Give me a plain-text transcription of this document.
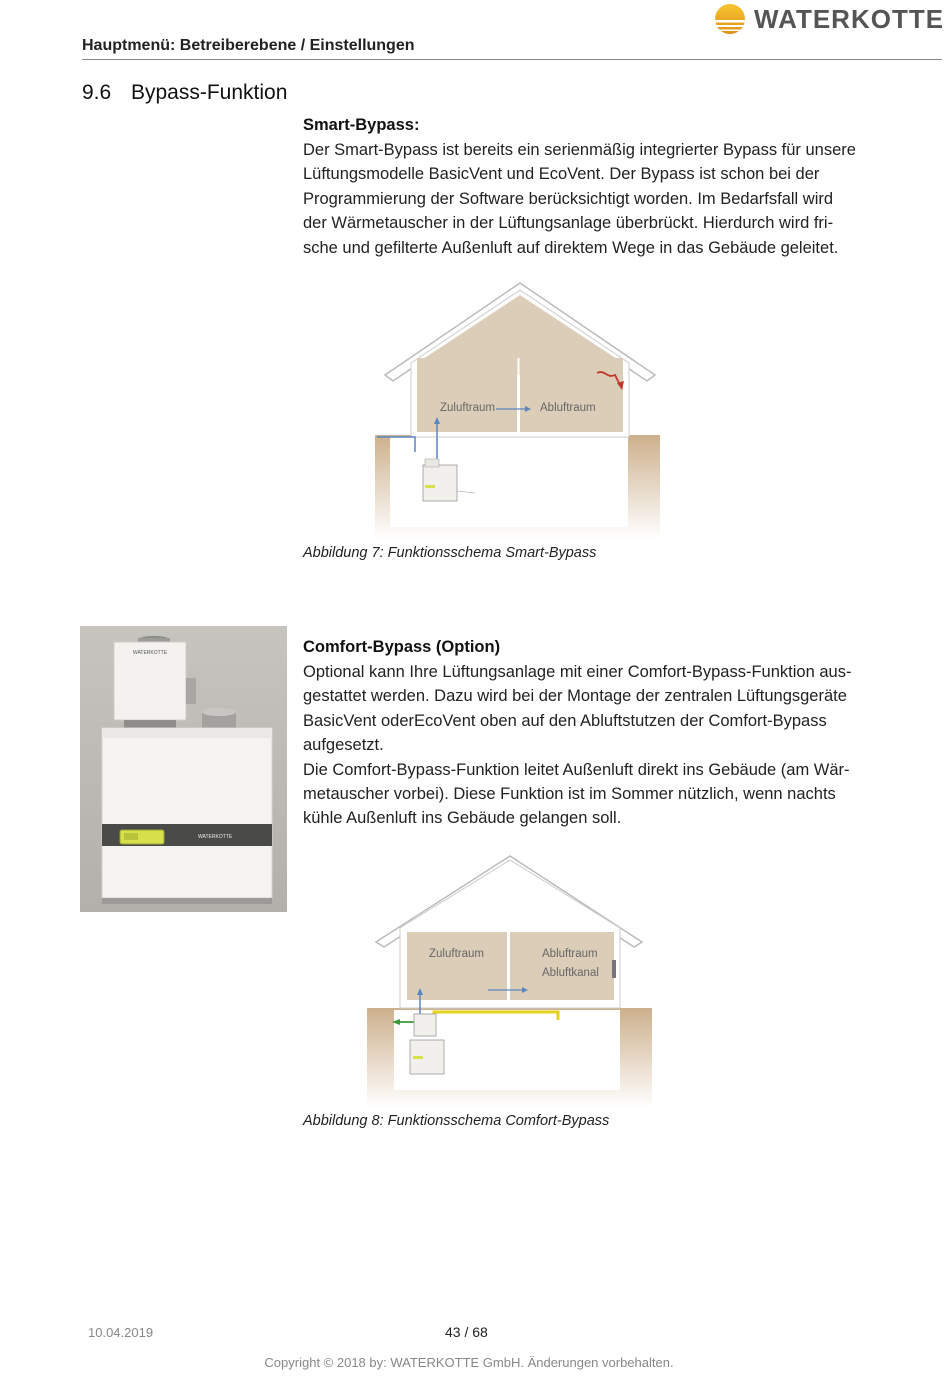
WATERKOTTE
Hauptmenü: Betreiberebene / Einstellungen
9.6 Bypass-Funktion
Smart-Bypass:

Der Smart-Bypass ist bereits ein serienmäßig integrierter Bypass für unsere

Lüftungsmodelle BasicVent und EcoVent. Der Bypass ist schon bei der

Programmierung der Software berücksichtigt worden. Im Bedarfsfall wird

der Wärmetauscher in der Lüftungsanlage überbrückt. Hierdurch wird fri-

sche und gefilterte Außenluft auf direktem Wege in das Gebäude geleitet.

Zuluftraum	Abluftraum
Abbildung 7: Funktionsschema Smart-Bypass
WATERKOTTE
WATERKOTTE
Comfort-Bypass (Option)

Optional kann Ihre Lüftungsanlage mit einer Comfort-Bypass-Funktion aus-

gestattet werden. Dazu wird bei der Montage der zentralen Lüftungsgeräte

BasicVent oderEcoVent oben auf den Abluftstutzen der Comfort-Bypass

aufgesetzt.

Die Comfort-Bypass-Funktion leitet Außenluft direkt ins Gebäude (am Wär-

metauscher vorbei). Diese Funktion ist im Sommer nützlich, wenn nachts

kühle Außenluft ins Gebäude gelangen soll.

Zuluftraum	Abluftraum
Abluftkanal
Abbildung 8: Funktionsschema Comfort-Bypass
10.04.2019	43 / 68
Copyright © 2018 by: WATERKOTTE GmbH. Änderungen vorbehalten.
